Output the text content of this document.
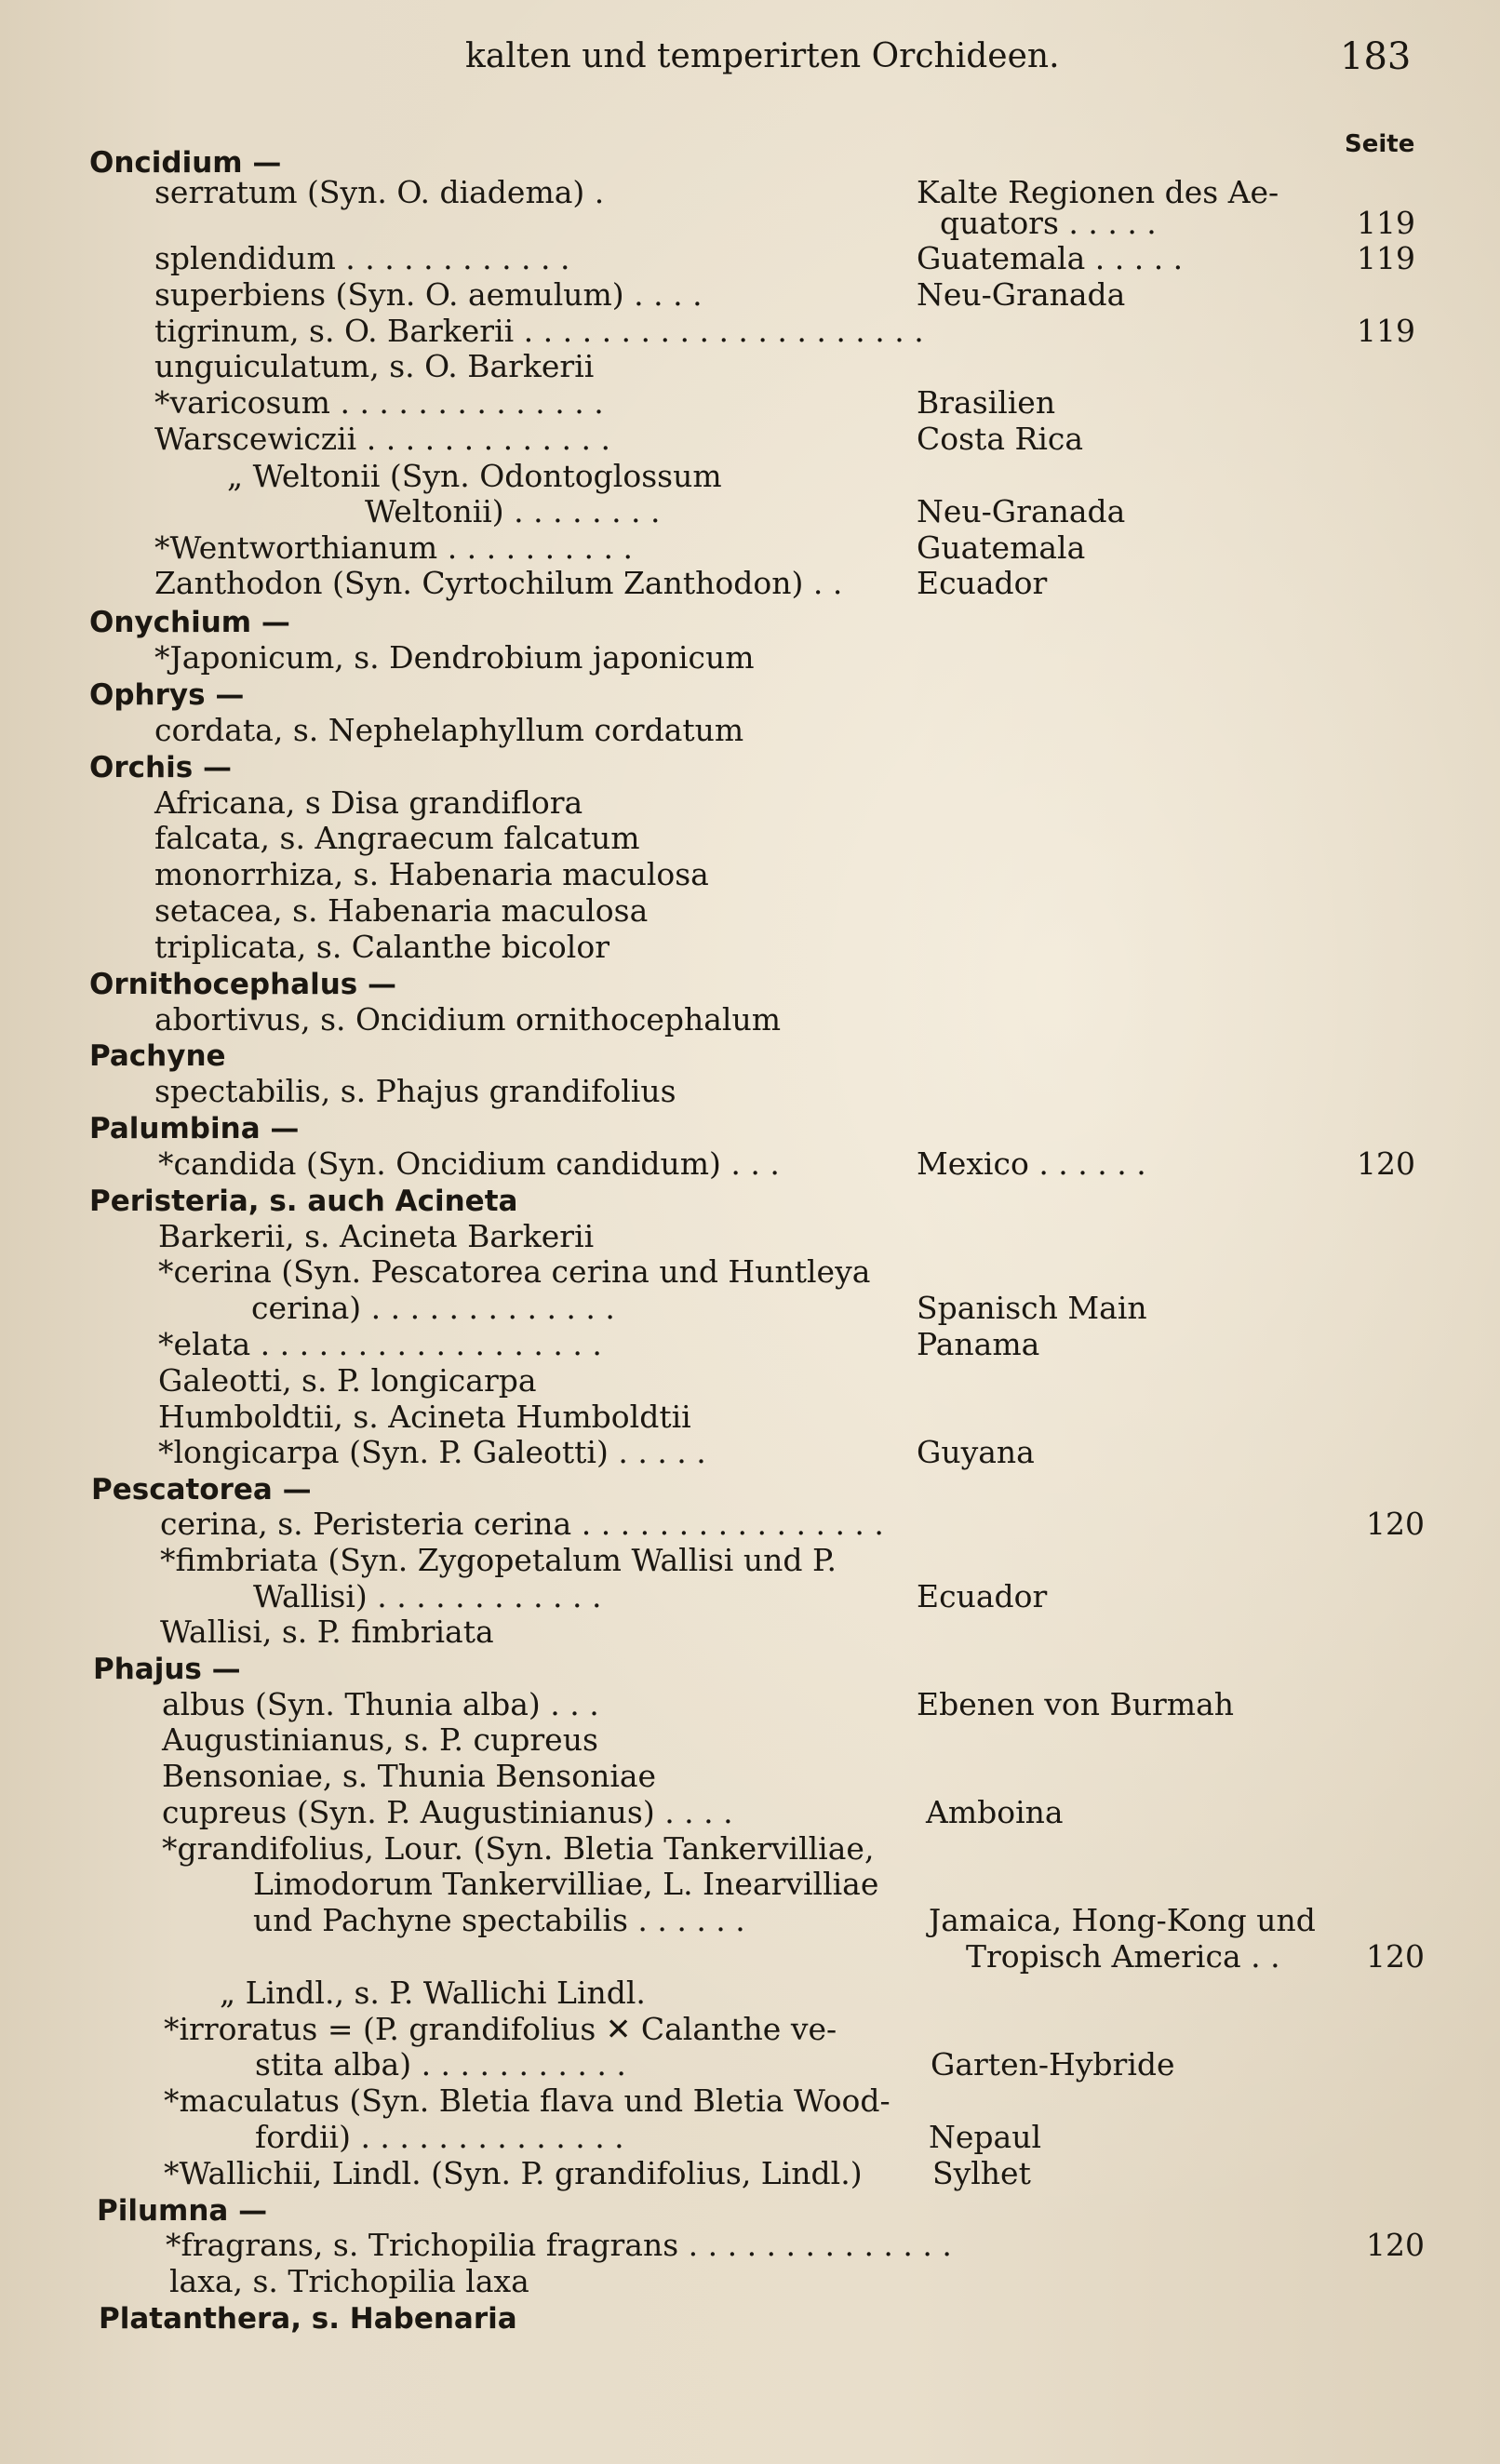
kalten und temperirten Orchideen.	183
Seite
Oncidium —
serratum (Syn. O. diadema) .	Kalte Regionen des Ae-
quators . . . . .	119
splendidum . . . . . . . . . . . .	Guatemala . . . . .	119
superbiens (Syn. O. aemulum) . . . .	Neu-Granada
tigrinum, s. O. Barkerii . . . . . . . . . . . . . . . . . . . . .	119
unguiculatum, s. O. Barkerii
*varicosum . . . . . . . . . . . . . .	Brasilien
Warscewiczii . . . . . . . . . . . . .	Costa Rica
„ Weltonii (Syn. Odontoglossum
Weltonii) . . . . . . . .	Neu-Granada
*Wentworthianum . . . . . . . . . .	Guatemala
Zanthodon (Syn. Cyrtochilum Zanthodon) . . Ecuador
Onychium —
*Japonicum, s. Dendrobium japonicum
Ophrys —
cordata, s. Nephelaphyllum cordatum
Orchis —
Africana, s Disa grandiflora
falcata, s. Angraecum falcatum
monorrhiza, s. Habenaria maculosa
setacea, s. Habenaria maculosa
triplicata, s. Calanthe bicolor
Ornithocephalus —
abortivus, s. Oncidium ornithocephalum
Pachyne
spectabilis, s. Phajus grandifolius
Palumbina —
*candida (Syn. Oncidium candidum) . . .	Mexico . . . . . .	120
Peristeria, s. auch Acineta
Barkerii, s. Acineta Barkerii
*cerina (Syn. Pescatorea cerina und Huntleya
cerina) . . . . . . . . . . . . .	Spanisch Main
*elata . . . . . . . . . . . . . . . . . .	Panama
Galeotti, s. P. longicarpa
Humboldtii, s. Acineta Humboldtii
*longicarpa (Syn. P. Galeotti) . . . . .	Guyana
Pescatorea —
cerina, s. Peristeria cerina . . . . . . . . . . . . . . . .	120
*fimbriata (Syn. Zygopetalum Wallisi und P.
Wallisi) . . . . . . . . . . . .	Ecuador
Wallisi, s. P. fimbriata
Phajus —
albus (Syn. Thunia alba) . . .	Ebenen von Burmah
Augustinianus, s. P. cupreus
Bensoniae, s. Thunia Bensoniae
cupreus (Syn. P. Augustinianus) . . . .	Amboina
*grandifolius, Lour. (Syn. Bletia Tankervilliae,
Limodorum Tankervilliae, L. Inearvilliae
und Pachyne spectabilis . . . . . .	Jamaica, Hong-Kong und
Tropisch America . .	120
„ Lindl., s. P. Wallichi Lindl.
*irroratus = (P. grandifolius ✕ Calanthe ve-
stita alba) . . . . . . . . . . .	Garten-Hybride
*maculatus (Syn. Bletia flava und Bletia Wood-
fordii) . . . . . . . . . . . . . .	Nepaul
*Wallichii, Lindl. (Syn. P. grandifolius, Lindl.) Sylhet
Pilumna —
*fragrans, s. Trichopilia fragrans . . . . . . . . . . . . . .	120
laxa, s. Trichopilia laxa
Platanthera, s. Habenaria
